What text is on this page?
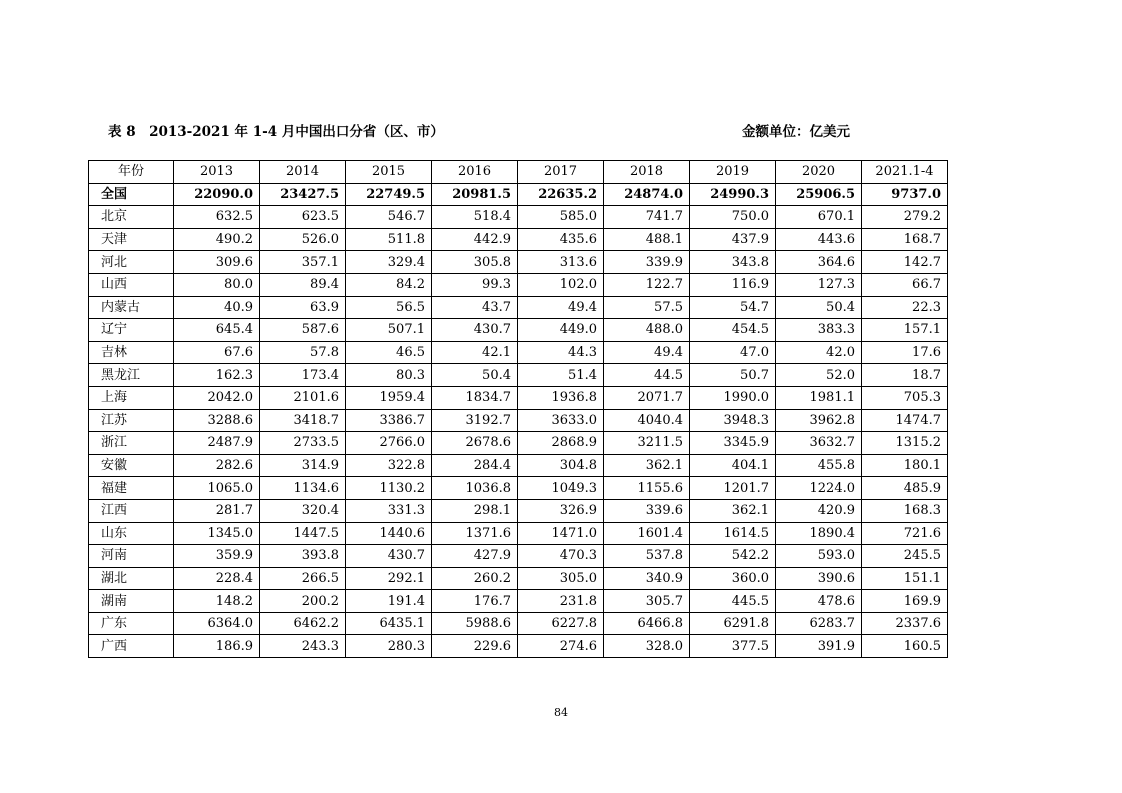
表 8　2013-2021 年 1-4 月中国出口分省（区、市）	金额单位：亿美元
年份	2013	2014	2015	2016	2017	2018	2019	2020	2021.1-4
全国	22090.0	23427.5	22749.5	20981.5	22635.2	24874.0	24990.3	25906.5	9737.0
北京	632.5	623.5	546.7	518.4	585.0	741.7	750.0	670.1	279.2
天津	490.2	526.0	511.8	442.9	435.6	488.1	437.9	443.6	168.7
河北	309.6	357.1	329.4	305.8	313.6	339.9	343.8	364.6	142.7
山西	80.0	89.4	84.2	99.3	102.0	122.7	116.9	127.3	66.7
内蒙古	40.9	63.9	56.5	43.7	49.4	57.5	54.7	50.4	22.3
辽宁	645.4	587.6	507.1	430.7	449.0	488.0	454.5	383.3	157.1
吉林	67.6	57.8	46.5	42.1	44.3	49.4	47.0	42.0	17.6
黑龙江	162.3	173.4	80.3	50.4	51.4	44.5	50.7	52.0	18.7
上海	2042.0	2101.6	1959.4	1834.7	1936.8	2071.7	1990.0	1981.1	705.3
江苏	3288.6	3418.7	3386.7	3192.7	3633.0	4040.4	3948.3	3962.8	1474.7
浙江	2487.9	2733.5	2766.0	2678.6	2868.9	3211.5	3345.9	3632.7	1315.2
安徽	282.6	314.9	322.8	284.4	304.8	362.1	404.1	455.8	180.1
福建	1065.0	1134.6	1130.2	1036.8	1049.3	1155.6	1201.7	1224.0	485.9
江西	281.7	320.4	331.3	298.1	326.9	339.6	362.1	420.9	168.3
山东	1345.0	1447.5	1440.6	1371.6	1471.0	1601.4	1614.5	1890.4	721.6
河南	359.9	393.8	430.7	427.9	470.3	537.8	542.2	593.0	245.5
湖北	228.4	266.5	292.1	260.2	305.0	340.9	360.0	390.6	151.1
湖南	148.2	200.2	191.4	176.7	231.8	305.7	445.5	478.6	169.9
广东	6364.0	6462.2	6435.1	5988.6	6227.8	6466.8	6291.8	6283.7	2337.6
广西	186.9	243.3	280.3	229.6	274.6	328.0	377.5	391.9	160.5
84
